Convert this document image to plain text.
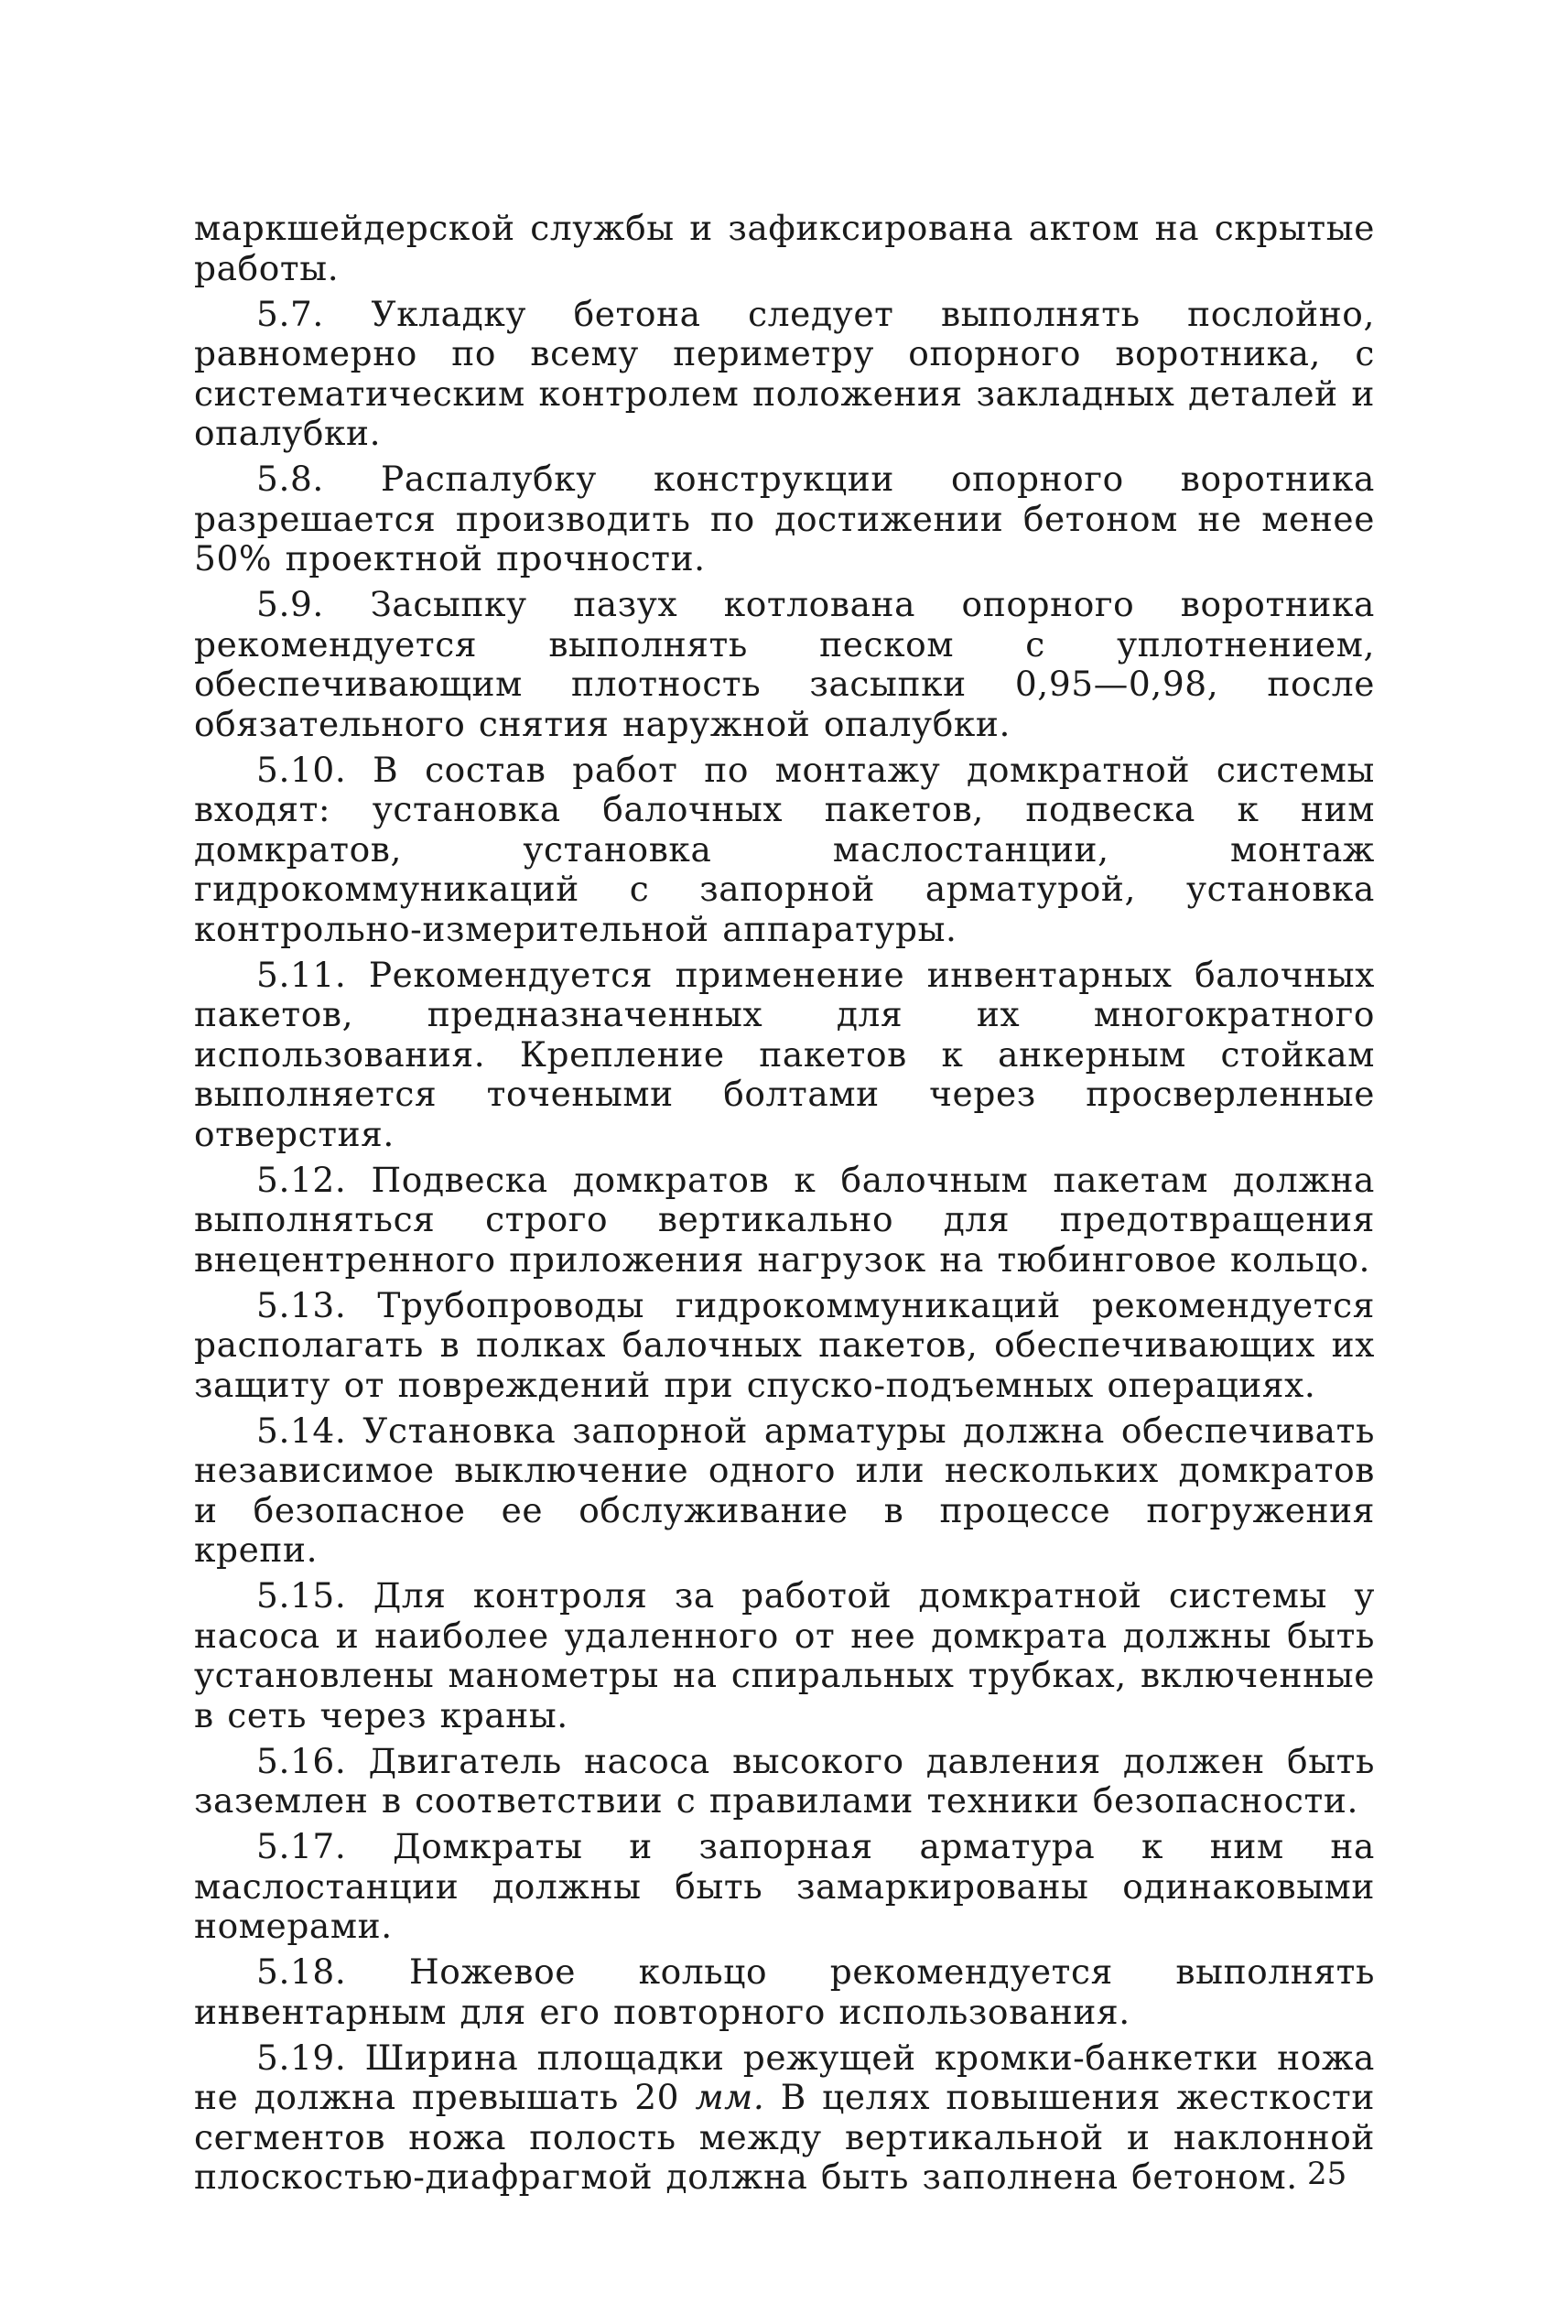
маркшейдерской службы и зафиксирована актом на скрытые работы.

5.7. Укладку бетона следует выполнять послойно, равномерно по всему периметру опорного воротника, с систематическим контролем положения закладных деталей и опалубки.

5.8. Распалубку конструкции опорного воротника разрешается производить по достижении бетоном не менее 50% проектной прочности.

5.9. Засыпку пазух котлована опорного воротника рекомендуется выполнять песком с уплотнением, обеспечивающим плотность засыпки 0,95—0,98, после обязательного снятия наружной опалубки.

5.10. В состав работ по монтажу домкратной системы входят: установка балочных пакетов, подвеска к ним домкратов, установка маслостанции, монтаж гидрокоммуникаций с запорной арматурой, установка контрольно-измерительной аппаратуры.

5.11. Рекомендуется применение инвентарных балочных пакетов, предназначенных для их многократного использования. Крепление пакетов к анкерным стойкам выполняется точеными болтами через просверленные отверстия.

5.12. Подвеска домкратов к балочным пакетам должна выполняться строго вертикально для предотвращения внецентренного приложения нагрузок на тюбинговое кольцо.

5.13. Трубопроводы гидрокоммуникаций рекомендуется располагать в полках балочных пакетов, обеспечивающих их защиту от повреждений при спуско-подъемных операциях.

5.14. Установка запорной арматуры должна обеспечивать независимое выключение одного или нескольких домкратов и безопасное ее обслуживание в процессе погружения крепи.

5.15. Для контроля за работой домкратной системы у насоса и наиболее удаленного от нее домкрата должны быть установлены манометры на спиральных трубках, включенные в сеть через краны.

5.16. Двигатель насоса высокого давления должен быть заземлен в соответствии с правилами техники безопасности.

5.17. Домкраты и запорная арматура к ним на маслостанции должны быть замаркированы одинаковыми номерами.

5.18. Ножевое кольцо рекомендуется выполнять инвентарным для его повторного использования.

5.19. Ширина площадки режущей кромки-банкетки ножа не должна превышать 20 мм. В целях повышения жесткости сегментов ножа полость между вертикальной и наклонной плоскостью-диафрагмой должна быть заполнена бетоном. 25
